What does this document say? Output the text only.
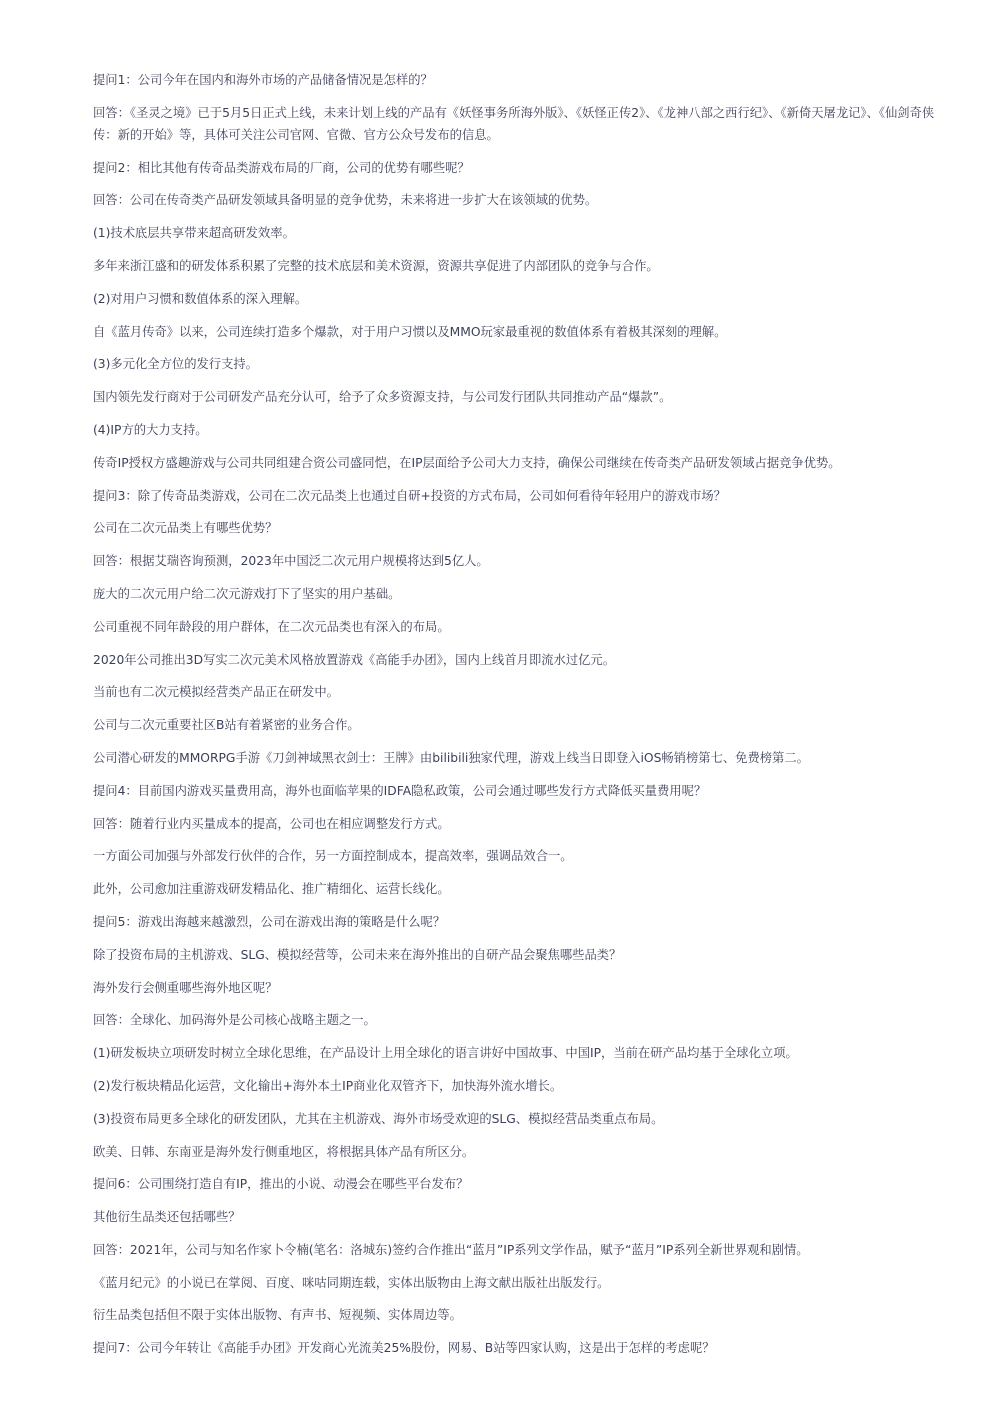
提问1：公司今年在国内和海外市场的产品储备情况是怎样的？

回答：《圣灵之境》已于5月5日正式上线，未来计划上线的产品有《妖怪事务所海外版》、《妖怪正传2》、《龙神八部之西行纪》、《新倚天屠龙记》、《仙剑奇侠传：新的开始》等，具体可关注公司官网、官微、官方公众号发布的信息。

提问2：相比其他有传奇品类游戏布局的厂商，公司的优势有哪些呢？

回答：公司在传奇类产品研发领域具备明显的竞争优势，未来将进一步扩大在该领域的优势。

(1)技术底层共享带来超高研发效率。

多年来浙江盛和的研发体系积累了完整的技术底层和美术资源，资源共享促进了内部团队的竞争与合作。

(2)对用户习惯和数值体系的深入理解。

自《蓝月传奇》以来，公司连续打造多个爆款，对于用户习惯以及MMO玩家最重视的数值体系有着极其深刻的理解。

(3)多元化全方位的发行支持。

国内领先发行商对于公司研发产品充分认可，给予了众多资源支持，与公司发行团队共同推动产品“爆款”。

(4)IP方的大力支持。

传奇IP授权方盛趣游戏与公司共同组建合资公司盛同恺，在IP层面给予公司大力支持，确保公司继续在传奇类产品研发领域占据竞争优势。

提问3：除了传奇品类游戏，公司在二次元品类上也通过自研+投资的方式布局，公司如何看待年轻用户的游戏市场？

公司在二次元品类上有哪些优势？

回答：根据艾瑞咨询预测，2023年中国泛二次元用户规模将达到5亿人。

庞大的二次元用户给二次元游戏打下了坚实的用户基础。

公司重视不同年龄段的用户群体，在二次元品类也有深入的布局。

2020年公司推出3D写实二次元美术风格放置游戏《高能手办团》，国内上线首月即流水过亿元。

当前也有二次元模拟经营类产品正在研发中。

公司与二次元重要社区B站有着紧密的业务合作。

公司潜心研发的MMORPG手游《刀剑神域黑衣剑士：王牌》由bilibili独家代理，游戏上线当日即登入iOS畅销榜第七、免费榜第二。

提问4：目前国内游戏买量费用高，海外也面临苹果的IDFA隐私政策，公司会通过哪些发行方式降低买量费用呢？

回答：随着行业内买量成本的提高，公司也在相应调整发行方式。

一方面公司加强与外部发行伙伴的合作，另一方面控制成本，提高效率，强调品效合一。

此外，公司愈加注重游戏研发精品化、推广精细化、运营长线化。

提问5：游戏出海越来越激烈，公司在游戏出海的策略是什么呢？

除了投资布局的主机游戏、SLG、模拟经营等，公司未来在海外推出的自研产品会聚焦哪些品类？

海外发行会侧重哪些海外地区呢？

回答：全球化、加码海外是公司核心战略主题之一。

(1)研发板块立项研发时树立全球化思维，在产品设计上用全球化的语言讲好中国故事、中国IP，当前在研产品均基于全球化立项。

(2)发行板块精品化运营，文化输出+海外本土IP商业化双管齐下，加快海外流水增长。

(3)投资布局更多全球化的研发团队，尤其在主机游戏、海外市场受欢迎的SLG、模拟经营品类重点布局。

欧美、日韩、东南亚是海外发行侧重地区，将根据具体产品有所区分。

提问6：公司围绕打造自有IP，推出的小说、动漫会在哪些平台发布？

其他衍生品类还包括哪些？

回答：2021年，公司与知名作家卜令楠(笔名：洛城东)签约合作推出“蓝月”IP系列文学作品，赋予“蓝月”IP系列全新世界观和剧情。

《蓝月纪元》的小说已在掌阅、百度、咪咕同期连载，实体出版物由上海文献出版社出版发行。

衍生品类包括但不限于实体出版物、有声书、短视频、实体周边等。

提问7：公司今年转让《高能手办团》开发商心光流美25%股份，网易、B站等四家认购，这是出于怎样的考虑呢？
